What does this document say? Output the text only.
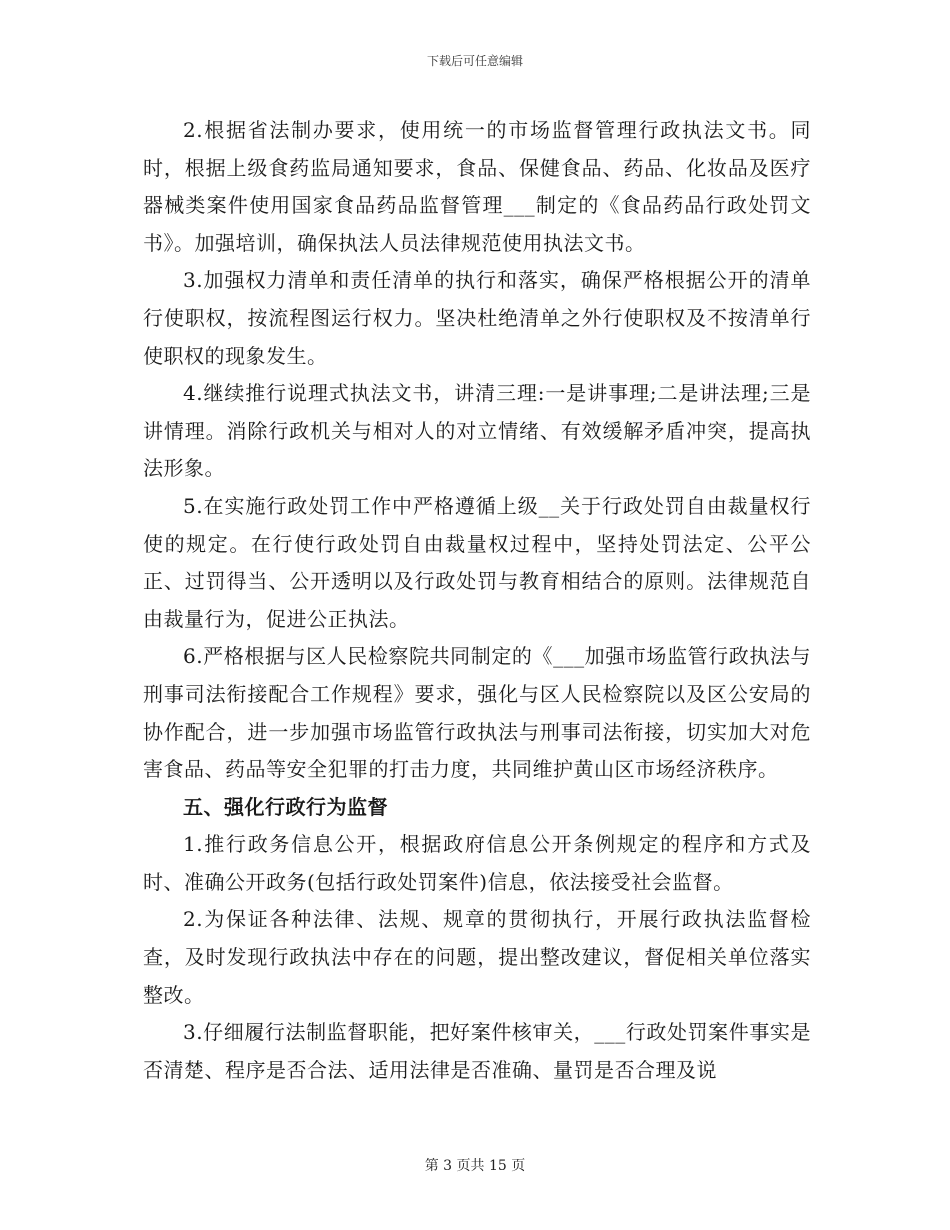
下载后可任意编辑

2.根据省法制办要求，使用统一的市场监督管理行政执法文书。同时，根据上级食药监局通知要求，食品、保健食品、药品、化妆品及医疗器械类案件使用国家食品药品监督管理___制定的《食品药品行政处罚文书》。加强培训，确保执法人员法律规范使用执法文书。

3.加强权力清单和责任清单的执行和落实，确保严格根据公开的清单行使职权，按流程图运行权力。坚决杜绝清单之外行使职权及不按清单行使职权的现象发生。

4.继续推行说理式执法文书，讲清三理:一是讲事理;二是讲法理;三是讲情理。消除行政机关与相对人的对立情绪、有效缓解矛盾冲突，提高执法形象。

5.在实施行政处罚工作中严格遵循上级__关于行政处罚自由裁量权行使的规定。在行使行政处罚自由裁量权过程中，坚持处罚法定、公平公正、过罚得当、公开透明以及行政处罚与教育相结合的原则。法律规范自由裁量行为，促进公正执法。

6.严格根据与区人民检察院共同制定的《___加强市场监管行政执法与刑事司法衔接配合工作规程》要求，强化与区人民检察院以及区公安局的协作配合，进一步加强市场监管行政执法与刑事司法衔接，切实加大对危害食品、药品等安全犯罪的打击力度，共同维护黄山区市场经济秩序。

五、强化行政行为监督

1.推行政务信息公开，根据政府信息公开条例规定的程序和方式及时、准确公开政务(包括行政处罚案件)信息，依法接受社会监督。

2.为保证各种法律、法规、规章的贯彻执行，开展行政执法监督检查，及时发现行政执法中存在的问题，提出整改建议，督促相关单位落实整改。

3.仔细履行法制监督职能，把好案件核审关，___行政处罚案件事实是否清楚、程序是否合法、适用法律是否准确、量罚是否合理及说

第 3 页共 15 页
